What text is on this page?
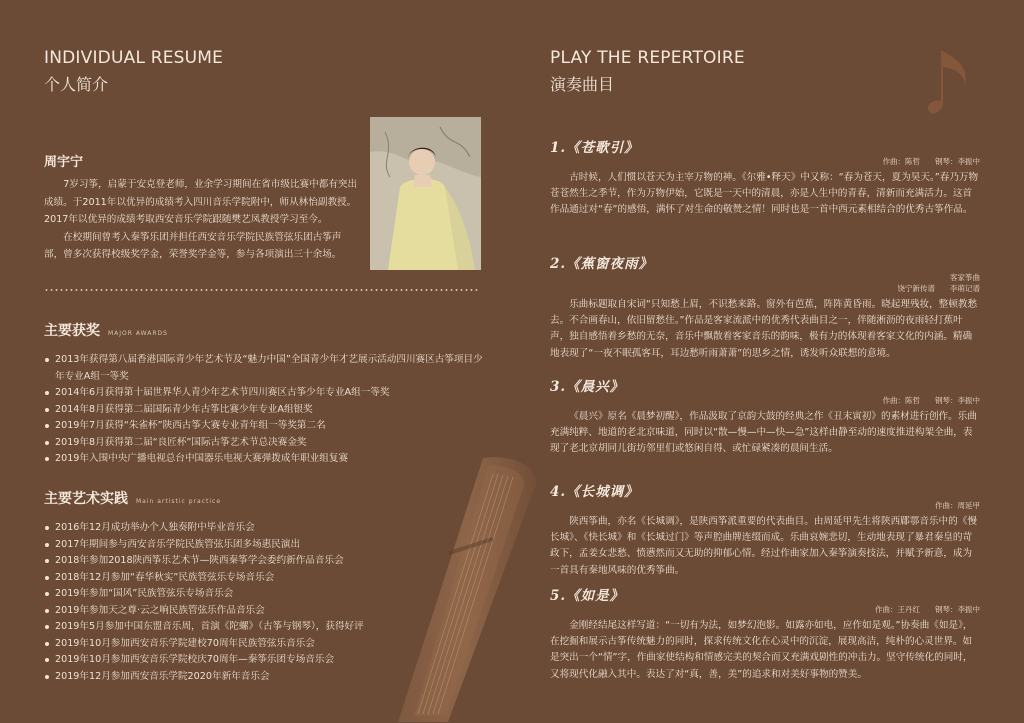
INDIVIDUAL RESUME
个人简介
周宇宁

7岁习筝，启蒙于安克登老师，业余学习期间在省市级比赛中都有突出成绩。于2011年以优异的成绩考入四川音乐学院附中，师从林怡副教授。2017年以优异的成绩考取西安音乐学院跟随樊艺凤教授学习至今。

在校期间曾考入秦筝乐团并担任西安音乐学院民族管弦乐团古筝声部，曾多次获得校级奖学金，荣誉奖学金等，参与各项演出三十余场。

主要获奖 MAJOR AWARDS
2013年获得第八届香港国际青少年艺术节及“魅力中国”全国青少年才艺展示活动四川赛区古筝项目少年专业A组一等奖
2014年6月获得第十届世界华人青少年艺术节四川赛区古筝少年专业A组一等奖
2014年8月获得第二届国际青少年古筝比赛少年专业A组银奖
2019年7月获得“朱雀杯”陕西古筝大赛专业青年组一等奖第二名
2019年8月获得第二届“良匠杯”国际古筝艺术节总决赛金奖
2019年入围中央广播电视总台中国器乐电视大赛弹拨成年职业组复赛
主要艺术实践 Main artistic practice
2016年12月成功举办个人独奏附中毕业音乐会
2017年期间参与西安音乐学院民族管弦乐团多场惠民演出
2018年参加2018陕西筝乐艺术节—陕西秦筝学会委约新作品音乐会
2018年12月参加“春华秋实”民族管弦乐专场音乐会
2019年参加“国风”民族管弦乐专场音乐会
2019年参加天之尊·云之响民族管弦乐作品音乐会
2019年5月参加中国东盟音乐周，首演《陀螺》（古筝与钢琴），获得好评
2019年10月参加西安音乐学院建校70周年民族管弦乐音乐会
2019年10月参加西安音乐学院校庆70周年—秦筝乐团专场音乐会
2019年12月参加西安音乐学院2020年新年音乐会
PLAY THE REPERTOIRE
演奏曲目
1.《苍歌引》
作曲：陈哲　　钢琴：李振中
古时候，人们惯以苍天为主宰万物的神。《尔雅•释天》中又称：“春为苍天，夏为昊天。”春乃万物苍苍然生之季节，作为万物伊始，它既是一天中的清晨，亦是人生中的青春，清新而充满活力。这首作品通过对“春”的感悟，满怀了对生命的敬赞之情！同时也是一首中西元素相结合的优秀古筝作品。
2.《蕉窗夜雨》
客家筝曲
饶宁新传谱　　李萌记谱
乐曲标题取自宋词“只知愁上眉，不识愁来路。窗外有芭蕉，阵阵黄昏雨。晓起理残妆，整顿教愁去。不合画春山，依旧留愁住。”作品是客家流派中的优秀代表曲目之一，伴随淅沥的夜雨轻打蕉叶声，独自感悟着乡愁的无奈，音乐中飘散着客家音乐的韵味，极有力的体现着客家文化的内涵。精确地表现了“一夜不眠孤客耳，耳边愁听雨萧萧”的思乡之情，诱发听众联想的意境。
3.《晨兴》
作曲：陈哲　　钢琴：李振中
《晨兴》原名《晨梦初醒》，作品汲取了京韵大鼓的经典之作《丑末寅初》的素材进行创作。乐曲充满纯粹、地道的老北京味道，同时以“散—慢—中—快—急”这样由静至动的速度推进构架全曲，表现了老北京胡同儿街坊邻里们或悠闲自得、或忙碌紧凑的晨间生活。
4.《长城调》
作曲：周延甲
陕西筝曲，亦名《长城调》，是陕西筝派重要的代表曲目。由周延甲先生将陕西郿鄠音乐中的《慢长城》、《快长城》和《长城过门》等声腔曲牌连缀而成。乐曲哀婉悲切，生动地表现了暴君秦皇的苛政下，孟姜女悲愁、愤懑然而又无助的抑郁心情。经过作曲家加入秦筝演奏技法，并赋予新意，成为一首具有秦地风味的优秀筝曲。
5.《如是》
作曲：王丹红　　钢琴：李振中
金刚经结尾这样写道：“一切有为法，如梦幻泡影。如露亦如电，应作如是观。”协奏曲《如是》，在挖掘和展示古筝传统魅力的同时，探求传统文化在心灵中的沉淀，展现高洁，纯朴的心灵世界。如是突出一个“情”字，作曲家使结构和情感完美的契合而又充满戏剧性的冲击力。坚守传统化的同时，又将现代化融入其中。表达了对“真，善，美”的追求和对美好事物的赞美。
